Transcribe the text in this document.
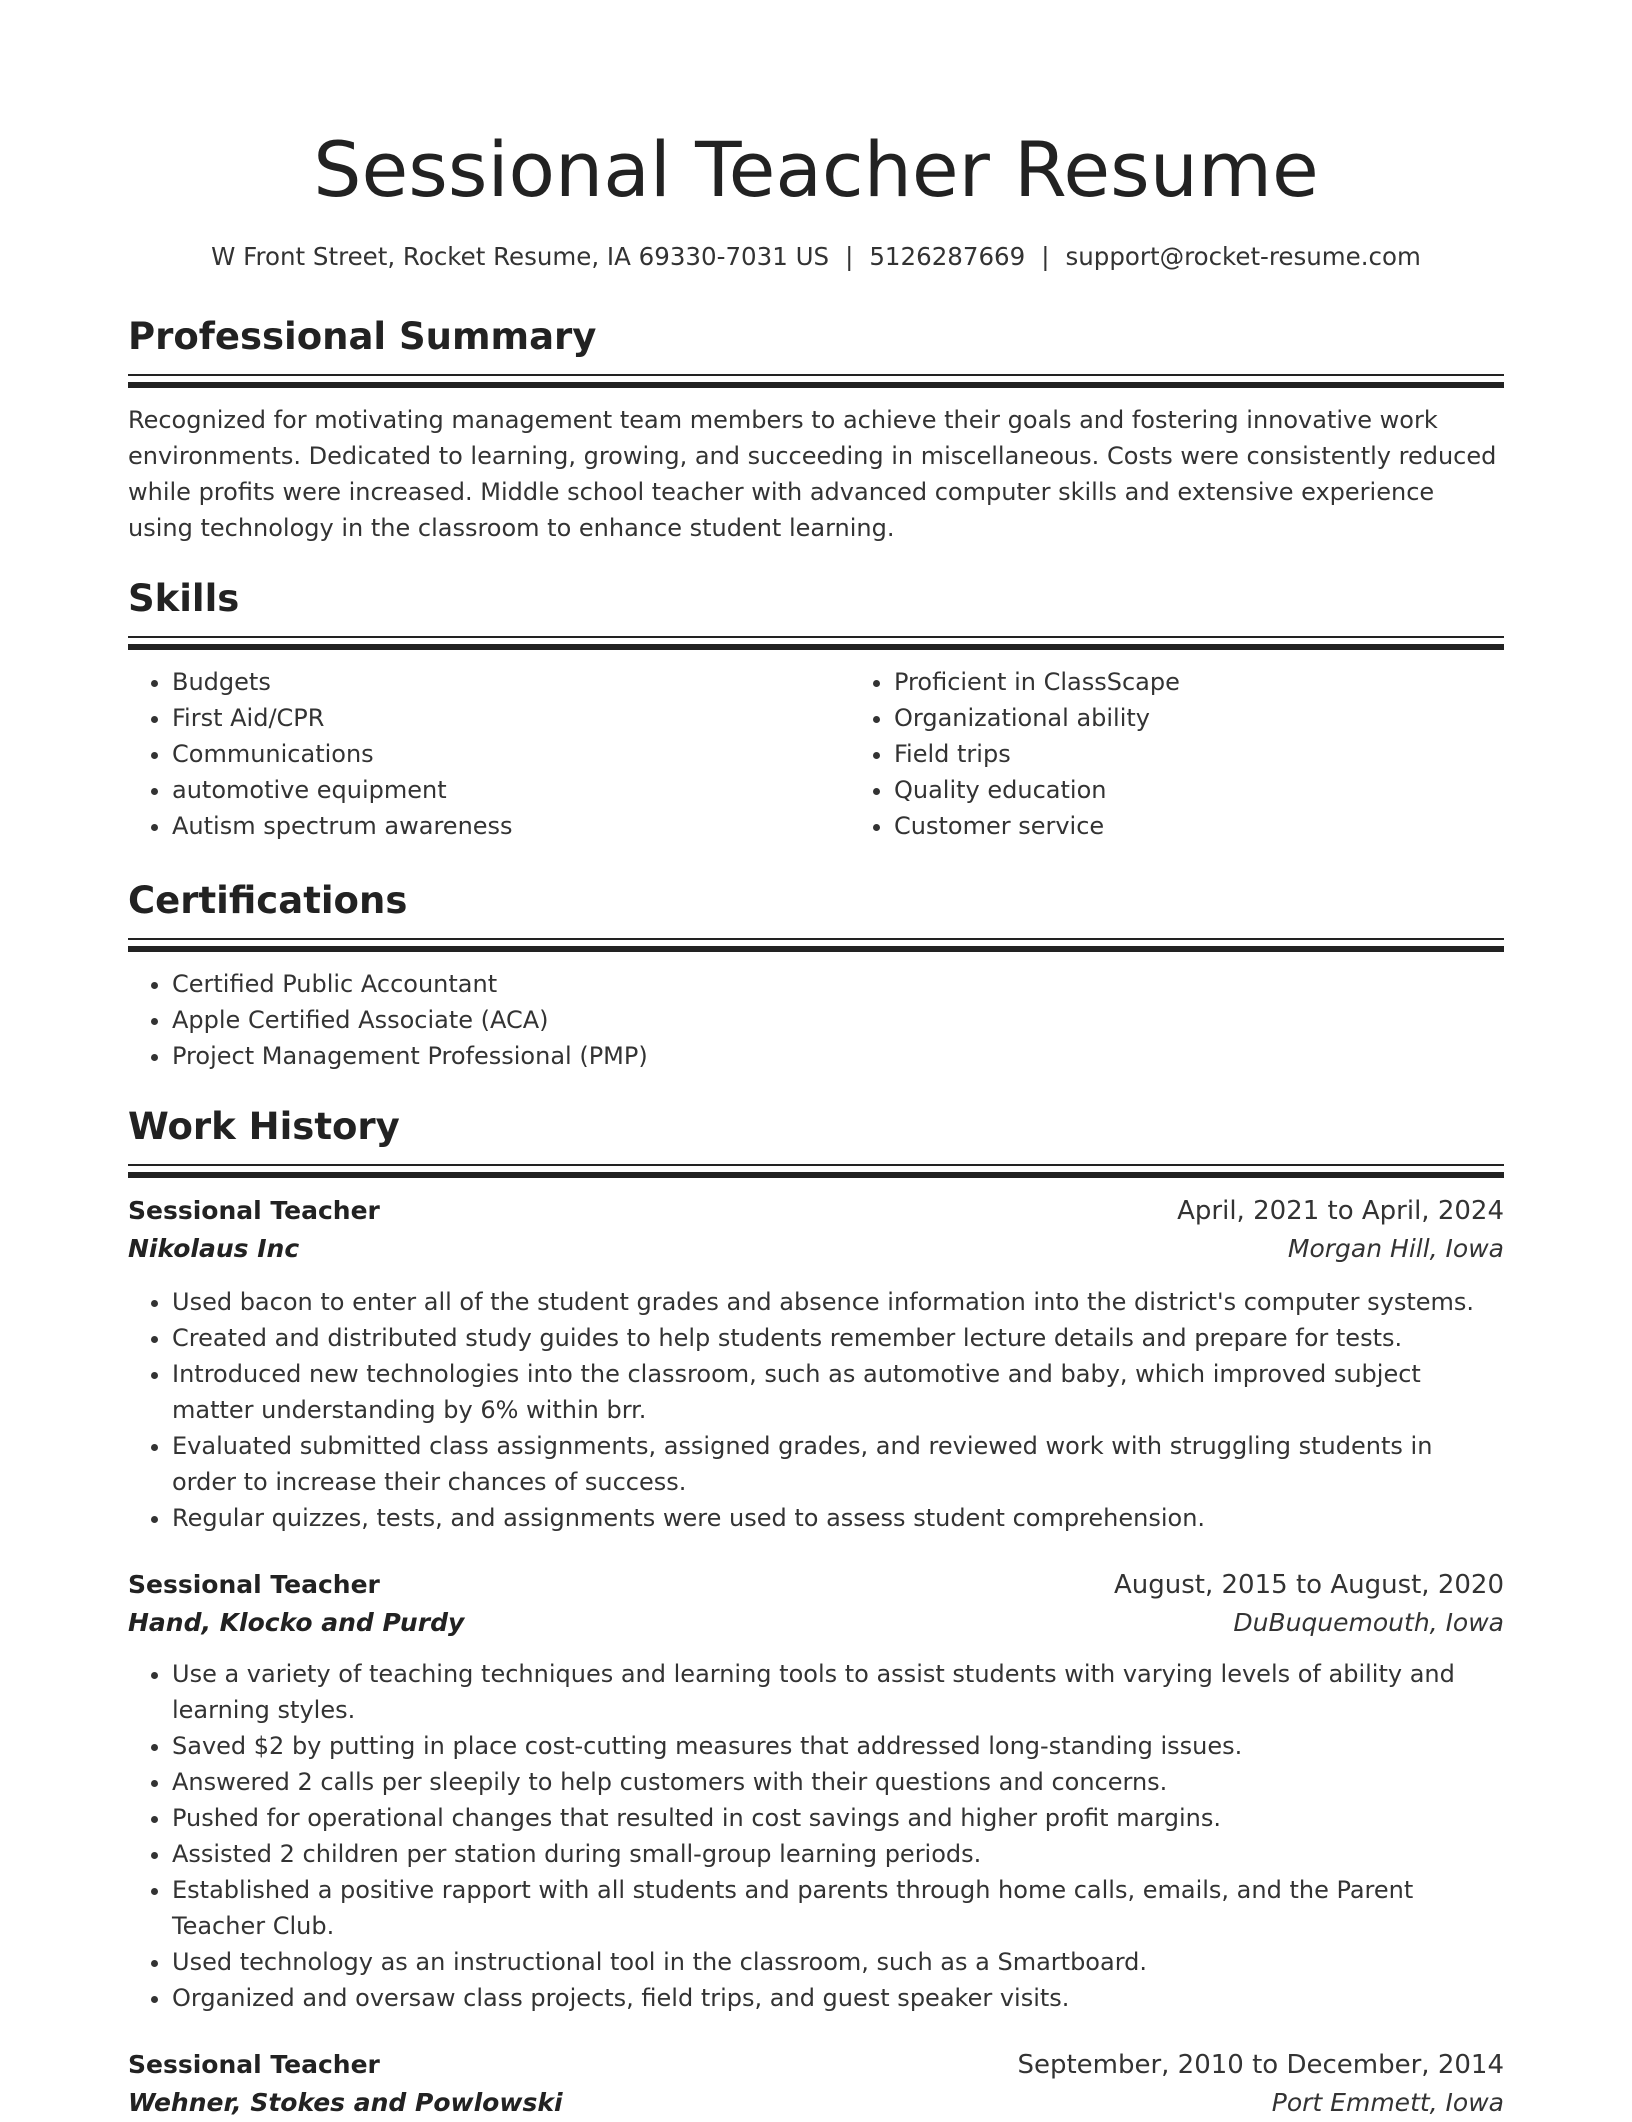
Sessional Teacher Resume
W Front Street, Rocket Resume, IA 69330-7031 US | 5126287669 | support@rocket-resume.com
Professional Summary
Recognized for motivating management team members to achieve their goals and fostering innovative work environments. Dedicated to learning, growing, and succeeding in miscellaneous. Costs were consistently reduced while profits were increased. Middle school teacher with advanced computer skills and extensive experience using technology in the classroom to enhance student learning.
Skills
• Budgets
• First Aid/CPR
• Communications
• automotive equipment
• Autism spectrum awareness
• Proficient in ClassScape
• Organizational ability
• Field trips
• Quality education
• Customer service
Certifications
• Certified Public Accountant
• Apple Certified Associate (ACA)
• Project Management Professional (PMP)
Work History
Sessional Teacher	April, 2021 to April, 2024
Nikolaus Inc	Morgan Hill, Iowa
• Used bacon to enter all of the student grades and absence information into the district's computer systems.
• Created and distributed study guides to help students remember lecture details and prepare for tests.
• Introduced new technologies into the classroom, such as automotive and baby, which improved subject matter understanding by 6% within brr.
• Evaluated submitted class assignments, assigned grades, and reviewed work with struggling students in order to increase their chances of success.
• Regular quizzes, tests, and assignments were used to assess student comprehension.
Sessional Teacher	August, 2015 to August, 2020
Hand, Klocko and Purdy	DuBuquemouth, Iowa
• Use a variety of teaching techniques and learning tools to assist students with varying levels of ability and learning styles.
• Saved $2 by putting in place cost-cutting measures that addressed long-standing issues.
• Answered 2 calls per sleepily to help customers with their questions and concerns.
• Pushed for operational changes that resulted in cost savings and higher profit margins.
• Assisted 2 children per station during small-group learning periods.
• Established a positive rapport with all students and parents through home calls, emails, and the Parent Teacher Club.
• Used technology as an instructional tool in the classroom, such as a Smartboard.
• Organized and oversaw class projects, field trips, and guest speaker visits.
Sessional Teacher	September, 2010 to December, 2014
Wehner, Stokes and Powlowski	Port Emmett, Iowa
